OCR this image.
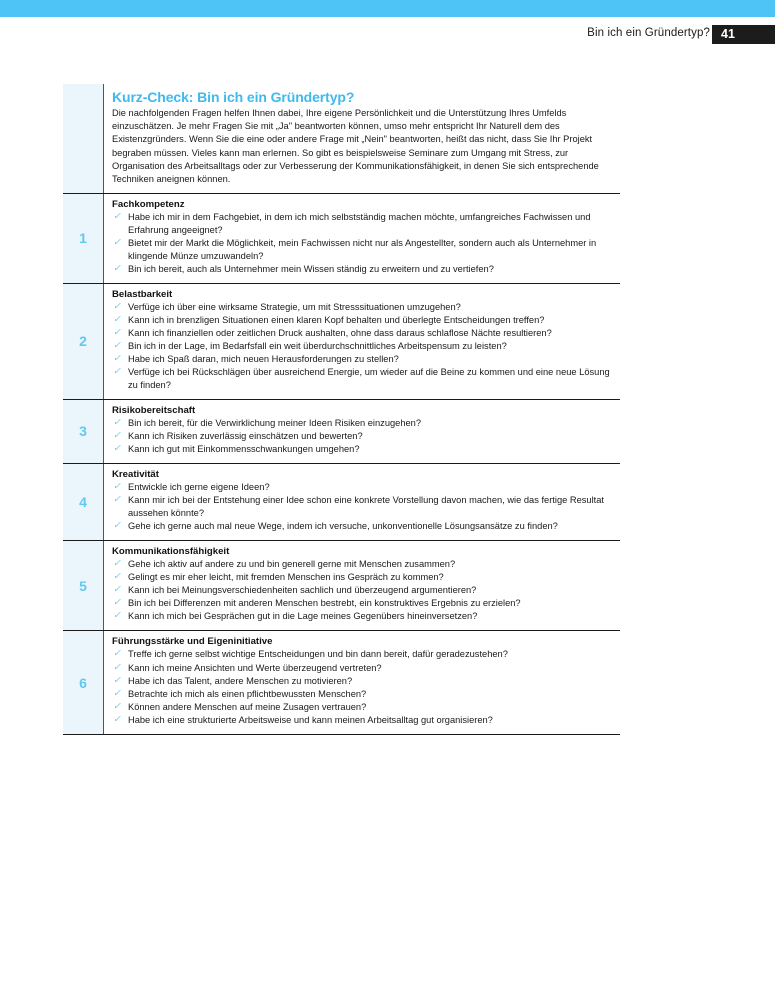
Bin ich ein Gründertyp? 41

Kurz-Check: Bin ich ein Gründertyp?

Die nachfolgenden Fragen helfen Ihnen dabei, Ihre eigene Persönlichkeit und die Unterstützung Ihres Umfelds einzuschätzen. Je mehr Fragen Sie mit „Ja" beantworten können, umso mehr entspricht Ihr Naturell dem des Existenzgründers. Wenn Sie die eine oder andere Frage mit „Nein" beantworten, heißt das nicht, dass Sie Ihr Projekt begraben müssen. Vieles kann man erlernen. So gibt es beispielsweise Seminare zum Umgang mit Stress, zur Organisation des Arbeitsalltags oder zur Verbesserung der Kommunikationsfähigkeit, in denen Sie sich entsprechende Techniken aneignen können.

1

Fachkompetenz

✓ Habe ich mir in dem Fachgebiet, in dem ich mich selbstständig machen möchte, umfangreiches Fachwissen und Erfahrung angeeignet?
✓ Bietet mir der Markt die Möglichkeit, mein Fachwissen nicht nur als Angestellter, sondern auch als Unternehmer in klingende Münze umzuwandeln?
✓ Bin ich bereit, auch als Unternehmer mein Wissen ständig zu erweitern und zu vertiefen?
2

Belastbarkeit

✓ Verfüge ich über eine wirksame Strategie, um mit Stresssituationen umzugehen?
✓ Kann ich in brenzligen Situationen einen klaren Kopf behalten und überlegte Entscheidungen treffen?
✓ Kann ich finanziellen oder zeitlichen Druck aushalten, ohne dass daraus schlaflose Nächte resultieren?
✓ Bin ich in der Lage, im Bedarfsfall ein weit überdurchschnittliches Arbeitspensum zu leisten?
✓ Habe ich Spaß daran, mich neuen Herausforderungen zu stellen?
✓ Verfüge ich bei Rückschlägen über ausreichend Energie, um wieder auf die Beine zu kommen und eine neue Lösung zu finden?
3

Risikobereitschaft

✓ Bin ich bereit, für die Verwirklichung meiner Ideen Risiken einzugehen?
✓ Kann ich Risiken zuverlässig einschätzen und bewerten?
✓ Kann ich gut mit Einkommensschwankungen umgehen?
4

Kreativität

✓ Entwickle ich gerne eigene Ideen?
✓ Kann mir ich bei der Entstehung einer Idee schon eine konkrete Vorstellung davon machen, wie das fertige Resultat aussehen könnte?
✓ Gehe ich gerne auch mal neue Wege, indem ich versuche, unkonventionelle Lösungsansätze zu finden?
5

Kommunikationsfähigkeit

✓ Gehe ich aktiv auf andere zu und bin generell gerne mit Menschen zusammen?
✓ Gelingt es mir eher leicht, mit fremden Menschen ins Gespräch zu kommen?
✓ Kann ich bei Meinungsverschiedenheiten sachlich und überzeugend argumentieren?
✓ Bin ich bei Differenzen mit anderen Menschen bestrebt, ein konstruktives Ergebnis zu erzielen?
✓ Kann ich mich bei Gesprächen gut in die Lage meines Gegenübers hineinversetzen?
6

Führungsstärke und Eigeninitiative

✓ Treffe ich gerne selbst wichtige Entscheidungen und bin dann bereit, dafür geradezustehen?
✓ Kann ich meine Ansichten und Werte überzeugend vertreten?
✓ Habe ich das Talent, andere Menschen zu motivieren?
✓ Betrachte ich mich als einen pflichtbewussten Menschen?
✓ Können andere Menschen auf meine Zusagen vertrauen?
✓ Habe ich eine strukturierte Arbeitsweise und kann meinen Arbeitsalltag gut organisieren?
